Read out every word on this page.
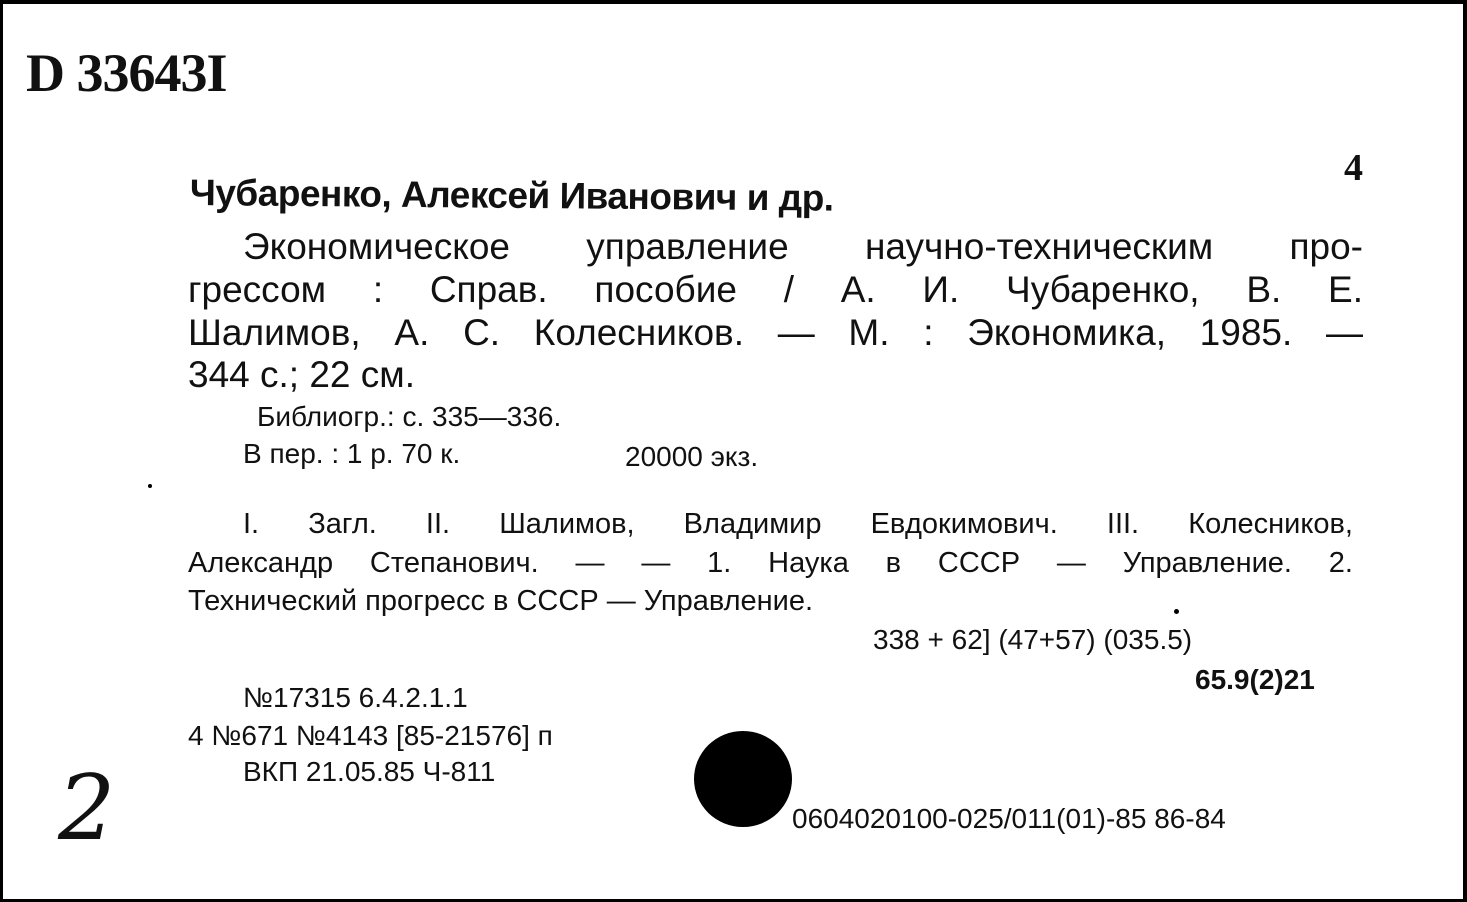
D 33643I
4
Чубаренко, Алексей Иванович и др.
Экономическое управление научно-техническим про-
грессом : Справ. пособие / А. И. Чубаренко, В. Е.
Шалимов, А. С. Колесников. — М. : Экономика, 1985. —
344 с.; 22 см.
Библиогр.: с. 335—336.
В пер. : 1 р. 70 к.	20000 экз.
I. Загл. II. Шалимов, Владимир Евдокимович. III. Колесников,
Александр Степанович. — — 1. Наука в СССР — Управление. 2.
Технический прогресс в СССР — Управление.
338 + 62] (47+57) (035.5)
65.9(2)21
№17315 6.4.2.1.1
4 №671 №4143 [85-21576] п
ВКП 21.05.85 Ч-811
0604020100-025/011(01)-85 86-84
2
